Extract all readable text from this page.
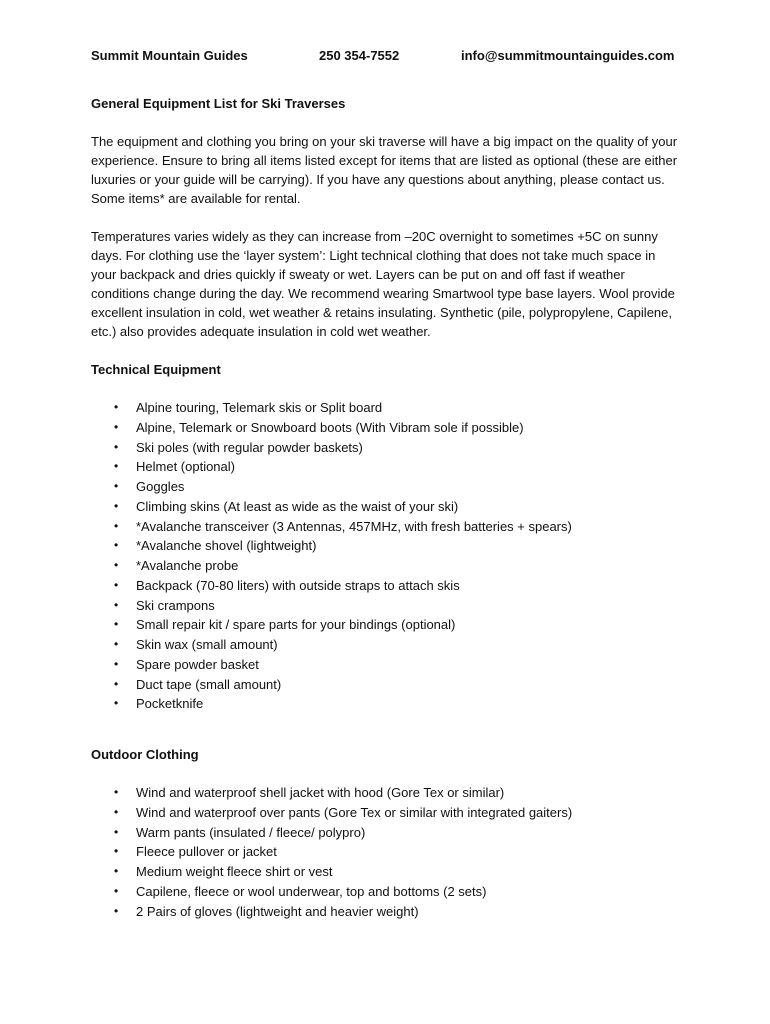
Summit Mountain Guides	250 354-7552	info@summitmountainguides.com
General Equipment List for Ski Traverses

The equipment and clothing you bring on your ski traverse will have a big impact on the quality of your experience. Ensure to bring all items listed except for items that are listed as optional (these are either luxuries or your guide will be carrying). If you have any questions about anything, please contact us. Some items* are available for rental.

Temperatures varies widely as they can increase from –20C overnight to sometimes +5C on sunny days. For clothing use the ‘layer system’: Light technical clothing that does not take much space in your backpack and dries quickly if sweaty or wet. Layers can be put on and off fast if weather conditions change during the day. We recommend wearing Smartwool type base layers. Wool provide excellent insulation in cold, wet weather & retains insulating. Synthetic (pile, polypropylene, Capilene, etc.) also provides adequate insulation in cold wet weather.

Technical Equipment
• Alpine touring, Telemark skis or Split board
• Alpine, Telemark or Snowboard boots (With Vibram sole if possible)
• Ski poles (with regular powder baskets)
• Helmet (optional)
• Goggles
• Climbing skins (At least as wide as the waist of your ski)
• *Avalanche transceiver (3 Antennas, 457MHz, with fresh batteries + spears)
• *Avalanche shovel (lightweight)
• *Avalanche probe
• Backpack (70-80 liters) with outside straps to attach skis
• Ski crampons
• Small repair kit / spare parts for your bindings (optional)
• Skin wax (small amount)
• Spare powder basket
• Duct tape (small amount)
• Pocketknife
Outdoor Clothing
• Wind and waterproof shell jacket with hood (Gore Tex or similar)
• Wind and waterproof over pants (Gore Tex or similar with integrated gaiters)
• Warm pants (insulated / fleece/ polypro)
• Fleece pullover or jacket
• Medium weight fleece shirt or vest
• Capilene, fleece or wool underwear, top and bottoms (2 sets)
• 2 Pairs of gloves (lightweight and heavier weight)
